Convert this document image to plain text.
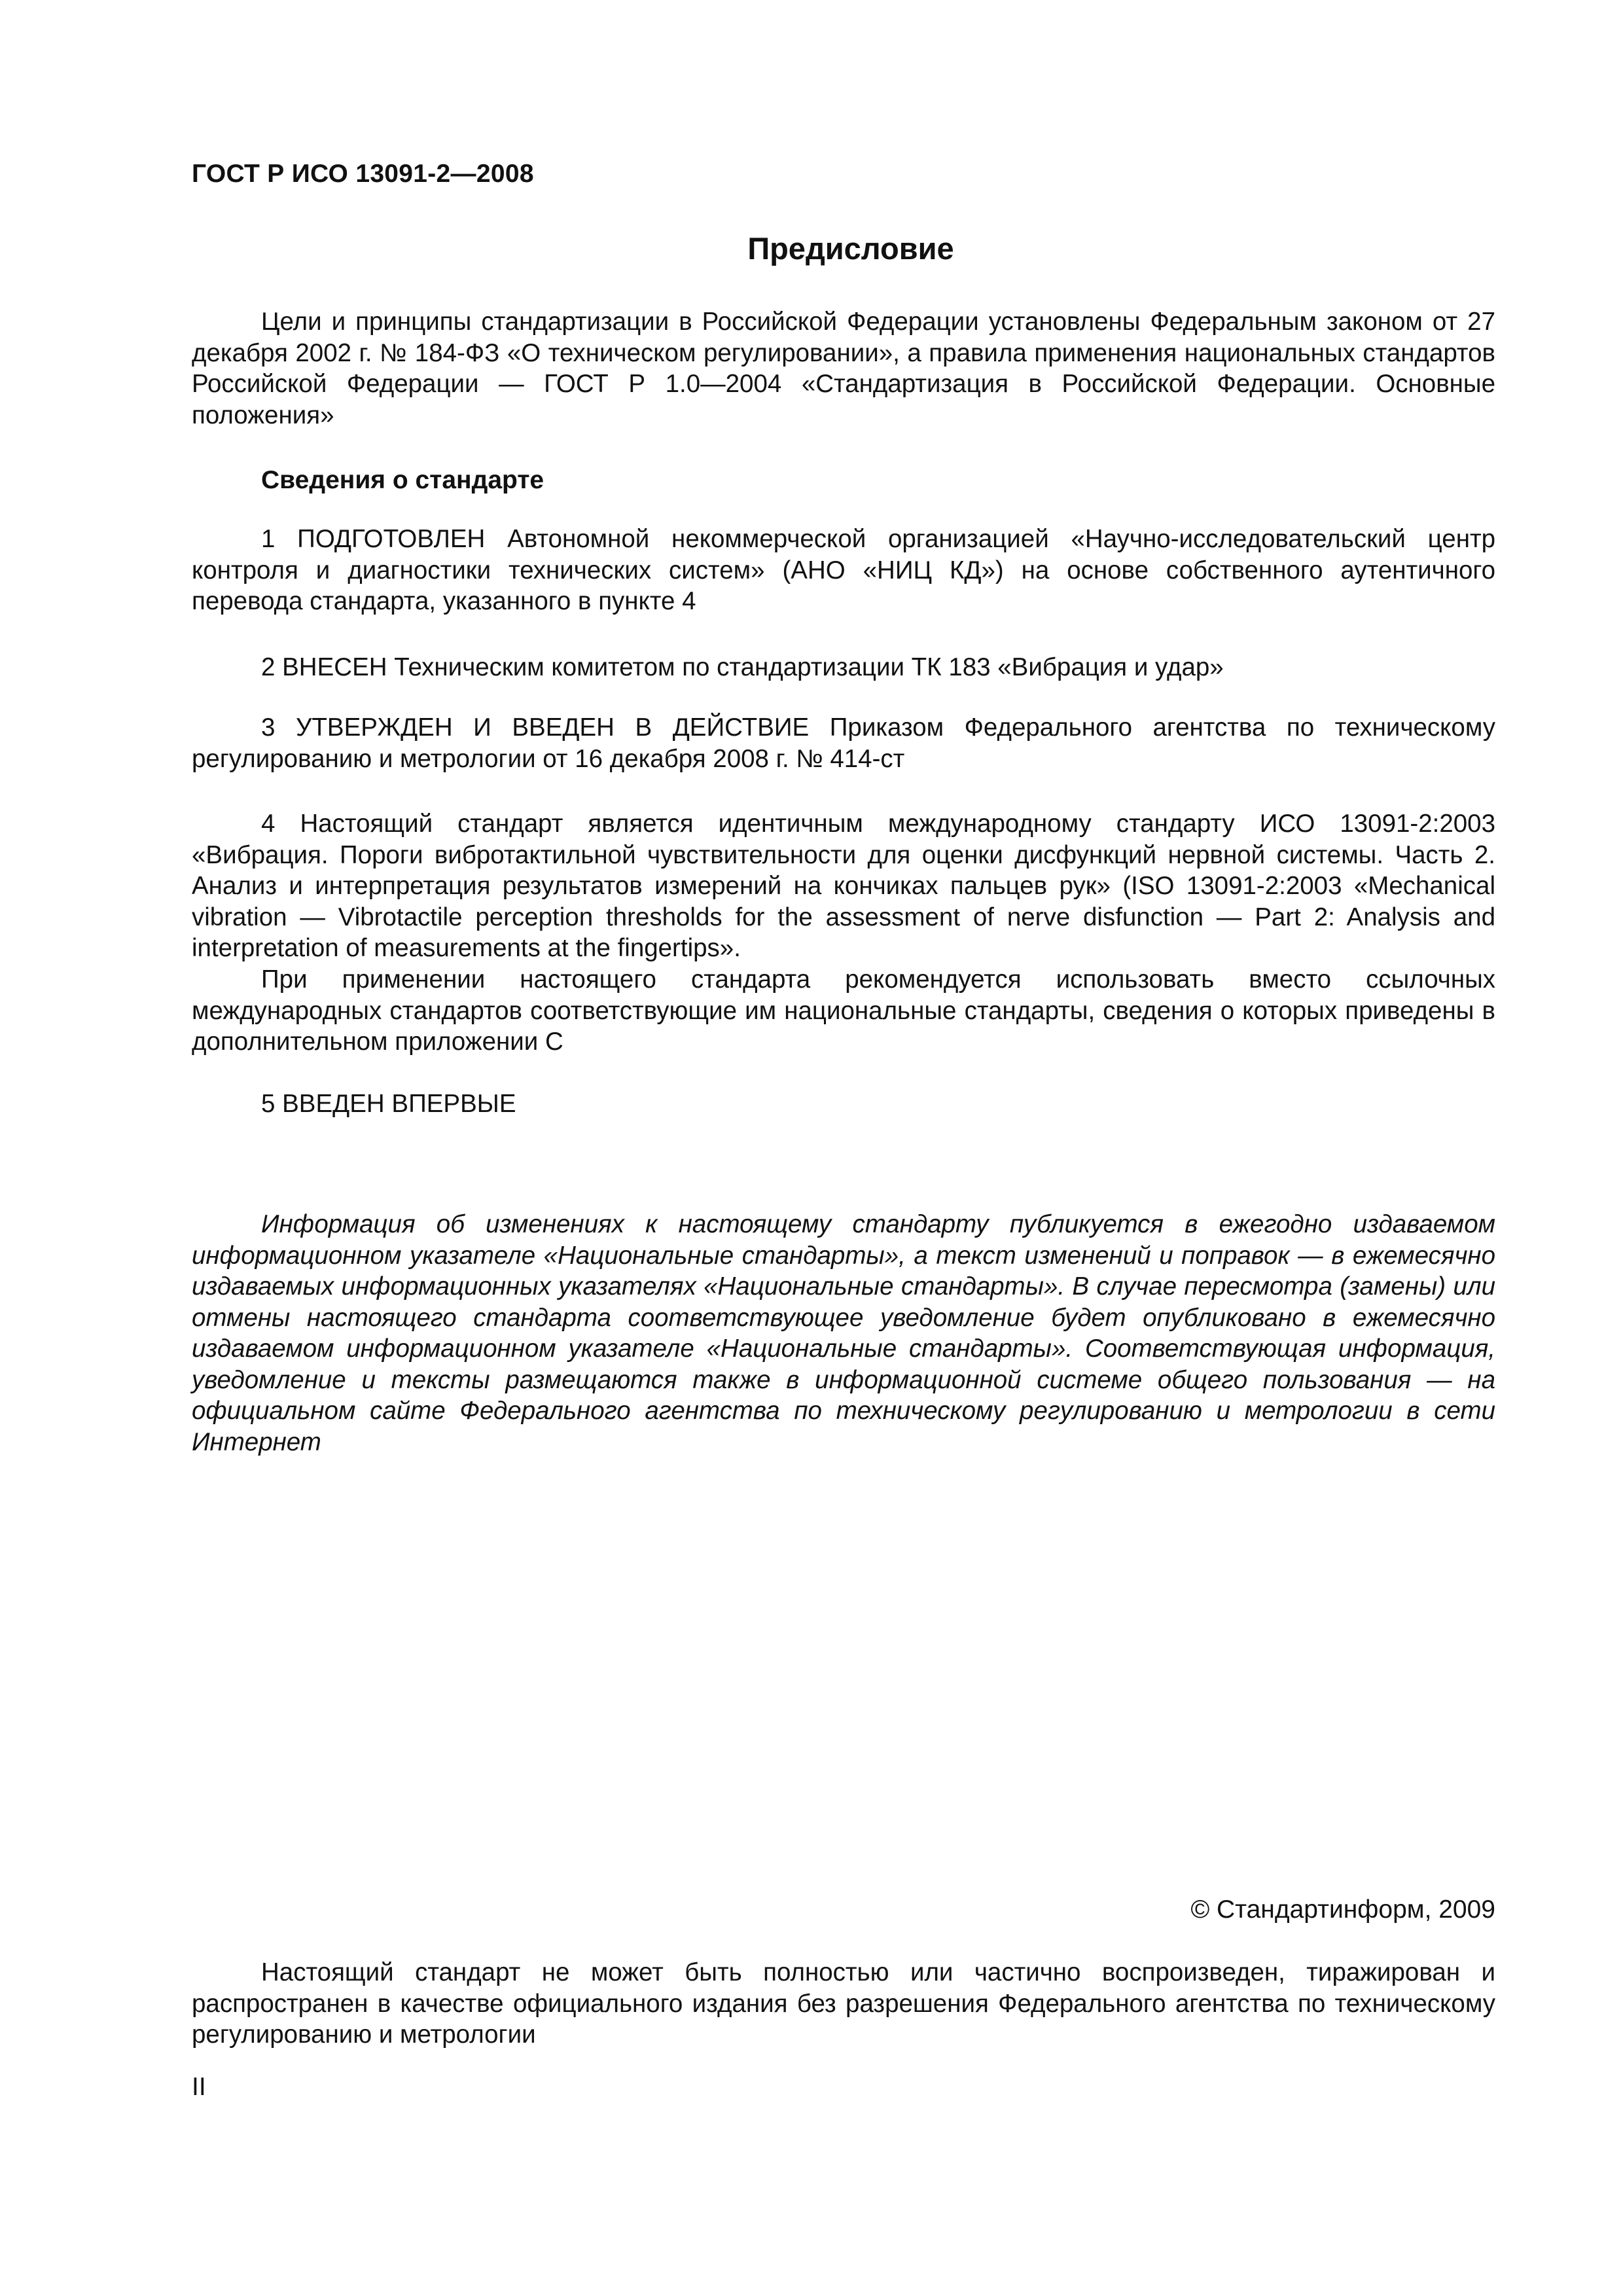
ГОСТ Р ИСО 13091-2—2008
Предисловие

Цели и принципы стандартизации в Российской Федерации установлены Федеральным законом от 27 декабря 2002 г. № 184-ФЗ «О техническом регулировании», а правила применения национальных стандартов Российской Федерации — ГОСТ Р 1.0—2004 «Стандартизация в Российской Федерации. Основные положения»

Сведения о стандарте

1 ПОДГОТОВЛЕН Автономной некоммерческой организацией «Научно-исследовательский центр контроля и диагностики технических систем» (АНО «НИЦ КД») на основе собственного аутентичного перевода стандарта, указанного в пункте 4

2 ВНЕСЕН Техническим комитетом по стандартизации ТК 183 «Вибрация и удар»

3 УТВЕРЖДЕН И ВВЕДЕН В ДЕЙСТВИЕ Приказом Федерального агентства по техническому регулированию и метрологии от 16 декабря 2008 г. № 414-ст

4 Настоящий стандарт является идентичным международному стандарту ИСО 13091-2:2003 «Вибрация. Пороги вибротактильной чувствительности для оценки дисфункций нервной системы. Часть 2. Анализ и интерпретация результатов измерений на кончиках пальцев рук» (ISO 13091-2:2003 «Mechanical vibration — Vibrotactile perception thresholds for the assessment of nerve disfunction — Part 2: Analysis and interpretation of measurements at the fingertips».

При применении настоящего стандарта рекомендуется использовать вместо ссылочных международных стандартов соответствующие им национальные стандарты, сведения о которых приведены в дополнительном приложении С

5 ВВЕДЕН ВПЕРВЫЕ

Информация об изменениях к настоящему стандарту публикуется в ежегодно издаваемом информационном указателе «Национальные стандарты», а текст изменений и поправок — в ежемесячно издаваемых информационных указателях «Национальные стандарты». В случае пересмотра (замены) или отмены настоящего стандарта соответствующее уведомление будет опубликовано в ежемесячно издаваемом информационном указателе «Национальные стандарты». Соответствующая информация, уведомление и тексты размещаются также в информационной системе общего пользования — на официальном сайте Федерального агентства по техническому регулированию и метрологии в сети Интернет

© Стандартинформ, 2009

Настоящий стандарт не может быть полностью или частично воспроизведен, тиражирован и распространен в качестве официального издания без разрешения Федерального агентства по техническому регулированию и метрологии

II
